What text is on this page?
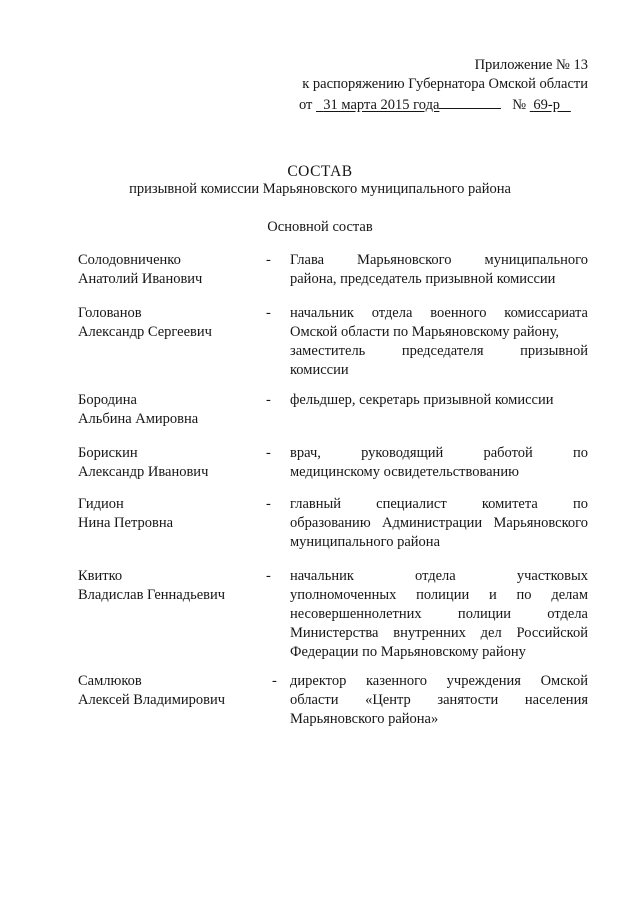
Приложение № 13
к распоряжению Губернатора Омской области
от 31 марта 2015 года	№ 69-р
СОСТАВ
призывной комиссии Марьяновского муниципального района
Основной состав
Солодовниченко
Анатолий Иванович
-	Глава Марьяновского муниципального
района, председатель призывной комиссии
Голованов
Александр Сергеевич
-	начальник отдела военного комиссариата
Омской области по Марьяновскому району,
заместитель председателя призывной
комиссии
Бородина
Альбина Амировна
-	фельдшер, секретарь призывной комиссии
Борискин
Александр Иванович
-	врач, руководящий работой по
медицинскому освидетельствованию
Гидион
Нина Петровна
-	главный специалист комитета по
образованию Администрации Марьяновского
муниципального района
Квитко
Владислав Геннадьевич
-	начальник отдела участковых
уполномоченных полиции и по делам
несовершеннолетних полиции отдела
Министерства внутренних дел Российской
Федерации по Марьяновскому району
Самлюков
Алексей Владимирович
- директор казенного учреждения Омской
области «Центр занятости населения
Марьяновского района»
